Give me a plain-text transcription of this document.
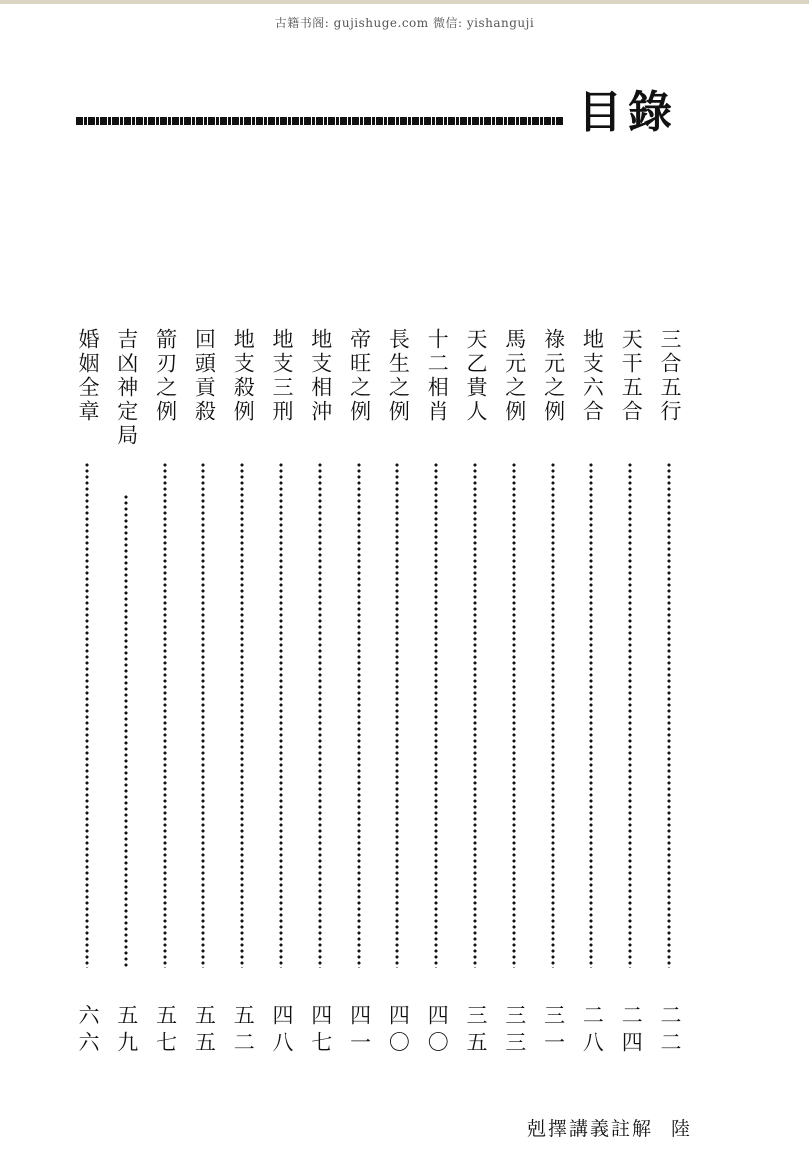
古籍书阁: gujishuge.com 微信: yishanguji
目錄
三合五行
二二
天干五合
二四
地支六合
二八
祿元之例
三一
馬元之例
三三
天乙貴人
三五
十二相肖
四〇
長生之例
四〇
帝旺之例
四一
地支相沖
四七
地支三刑
四八
地支殺例
五二
回頭貢殺
五五
箭刃之例
五七
吉凶神定局
五九
婚姻全章
六六
剋擇講義註解 陸
